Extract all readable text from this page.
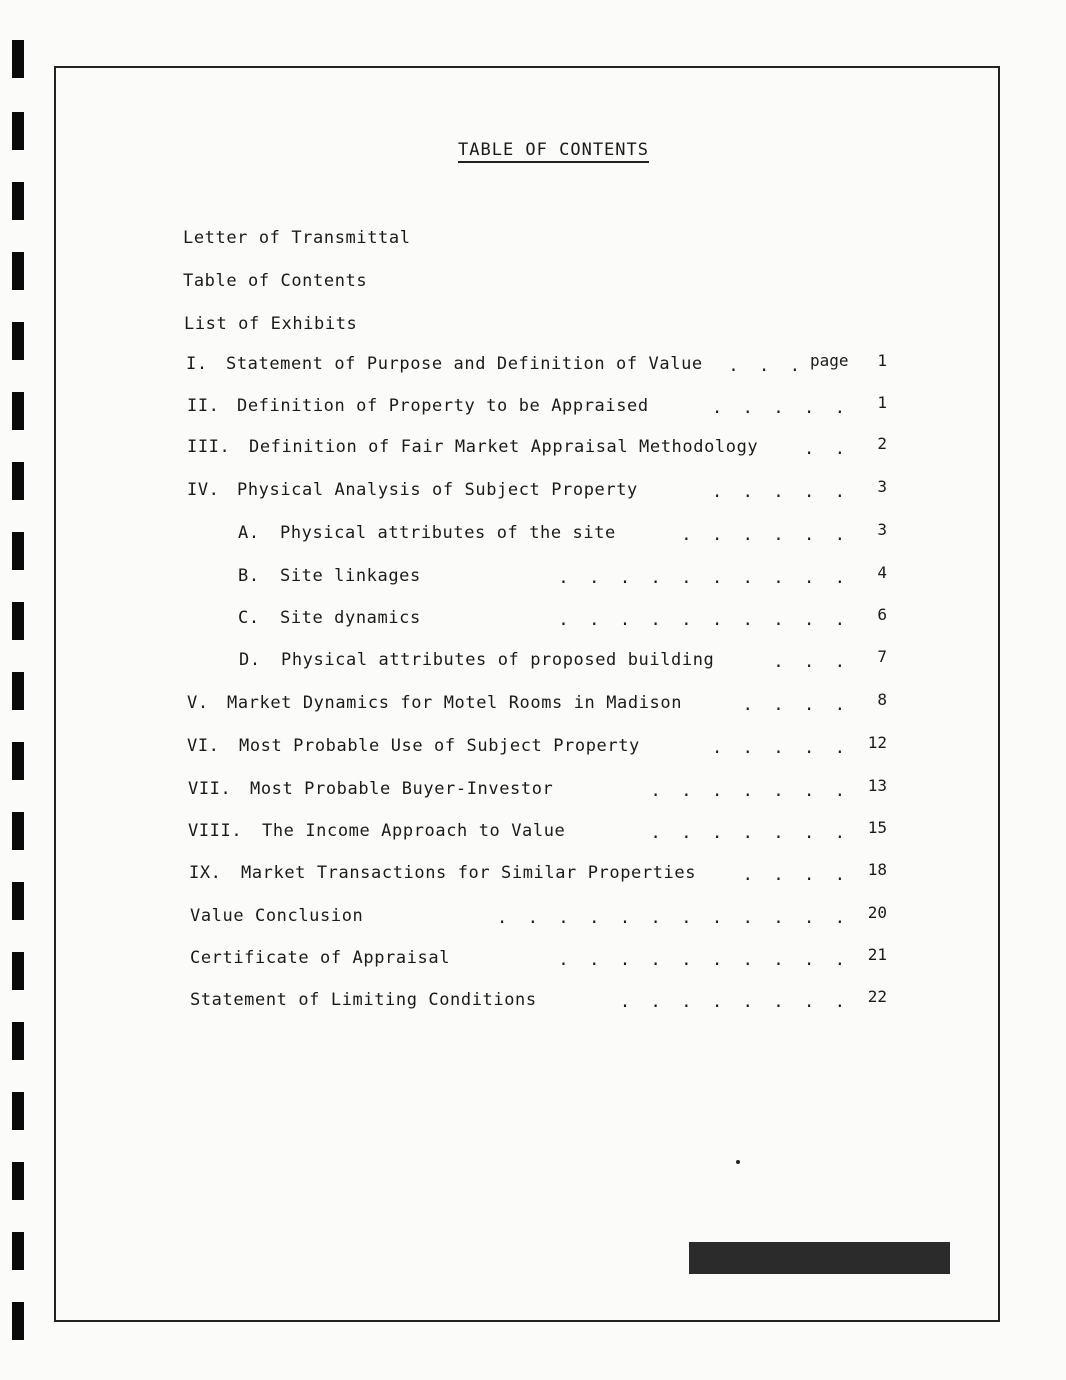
TABLE OF CONTENTS
Letter of Transmittal
Table of Contents
List of Exhibits
I. Statement of Purpose and Definition of Value	.  .  .	1
page
II. Definition of Property to be Appraised	.  .  .  .  . 1
III. Definition of Fair Market Appraisal Methodology	.  . 2
IV. Physical Analysis of Subject Property	.  .  .  .  . 3
A. Physical attributes of the site	.  .  .  .  .  . 3
B. Site linkages	.  .  .  .  .  .  .  .  .  . 4
C. Site dynamics	.  .  .  .  .  .  .  .  .  . 6
D. Physical attributes of proposed building	.  .  . 7
V. Market Dynamics for Motel Rooms in Madison	.  .  .  . 8
VI. Most Probable Use of Subject Property	.  .  .  .  . 12
VII. Most Probable Buyer-Investor	.  .  .  .  .  .  . 13
VIII. The Income Approach to Value	.  .  .  .  .  .  . 15
IX. Market Transactions for Similar Properties	.  .  .  . 18
Value Conclusion	.  .  .  .  .  .  .  .  .  .  .  . 20
Certificate of Appraisal	.  .  .  .  .  .  .  .  .  . 21
Statement of Limiting Conditions	.  .  .  .  .  .  .  . 22
